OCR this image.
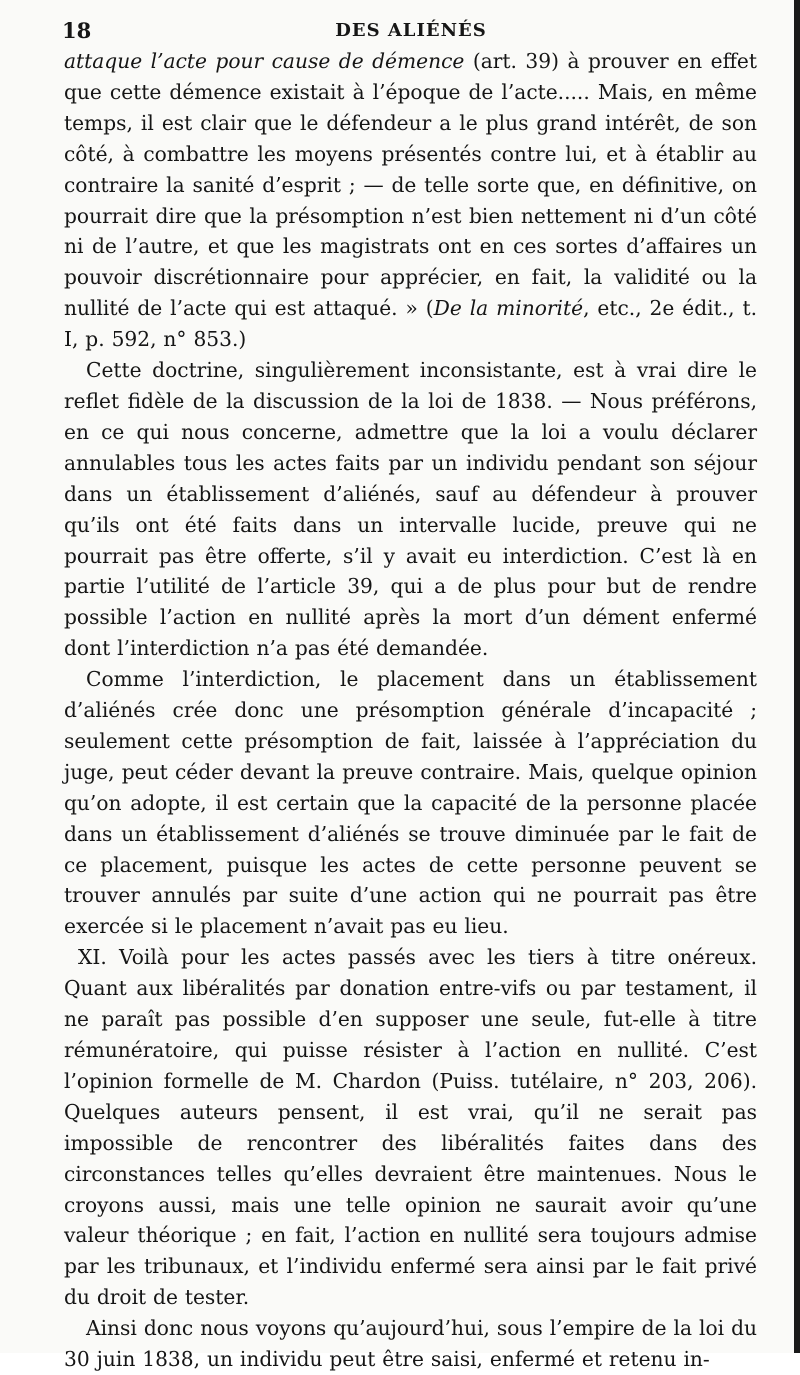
18	DES ALIÉNÉS

attaque l’acte pour cause de démence (art. 39) à prouver en effet que cette démence existait à l’époque de l’acte..... Mais, en même temps, il est clair que le défendeur a le plus grand intérêt, de son côté, à combattre les moyens présentés contre lui, et à établir au contraire la sanité d’esprit ; — de telle sorte que, en définitive, on pourrait dire que la présomption n’est bien nettement ni d’un côté ni de l’autre, et que les magistrats ont en ces sortes d’affaires un pouvoir discrétionnaire pour apprécier, en fait, la validité ou la nullité de l’acte qui est attaqué. » (De la minorité, etc., 2e édit., t. I, p. 592, n° 853.)

Cette doctrine, singulièrement inconsistante, est à vrai dire le reflet fidèle de la discussion de la loi de 1838. — Nous préférons, en ce qui nous concerne, admettre que la loi a voulu déclarer annulables tous les actes faits par un individu pendant son séjour dans un établissement d’aliénés, sauf au défendeur à prouver qu’ils ont été faits dans un intervalle lucide, preuve qui ne pourrait pas être offerte, s’il y avait eu interdiction. C’est là en partie l’utilité de l’article 39, qui a de plus pour but de rendre possible l’action en nullité après la mort d’un dément enfermé dont l’interdiction n’a pas été demandée.

Comme l’interdiction, le placement dans un établissement d’aliénés crée donc une présomption générale d’incapacité ; seulement cette présomption de fait, laissée à l’appréciation du juge, peut céder devant la preuve contraire. Mais, quelque opinion qu’on adopte, il est certain que la capacité de la personne placée dans un établissement d’aliénés se trouve diminuée par le fait de ce placement, puisque les actes de cette personne peuvent se trouver annulés par suite d’une action qui ne pourrait pas être exercée si le placement n’avait pas eu lieu.

XI. Voilà pour les actes passés avec les tiers à titre onéreux. Quant aux libéralités par donation entre-vifs ou par testament, il ne paraît pas possible d’en supposer une seule, fut-elle à titre rémunératoire, qui puisse résister à l’action en nullité. C’est l’opinion formelle de M. Chardon (Puiss. tutélaire, n° 203, 206). Quelques auteurs pensent, il est vrai, qu’il ne serait pas impossible de rencontrer des libéralités faites dans des circonstances telles qu’elles devraient être maintenues. Nous le croyons aussi, mais une telle opinion ne saurait avoir qu’une valeur théorique ; en fait, l’action en nullité sera toujours admise par les tribunaux, et l’individu enfermé sera ainsi par le fait privé du droit de tester.

Ainsi donc nous voyons qu’aujourd’hui, sous l’empire de la loi du 30 juin 1838, un individu peut être saisi, enfermé et retenu in-
